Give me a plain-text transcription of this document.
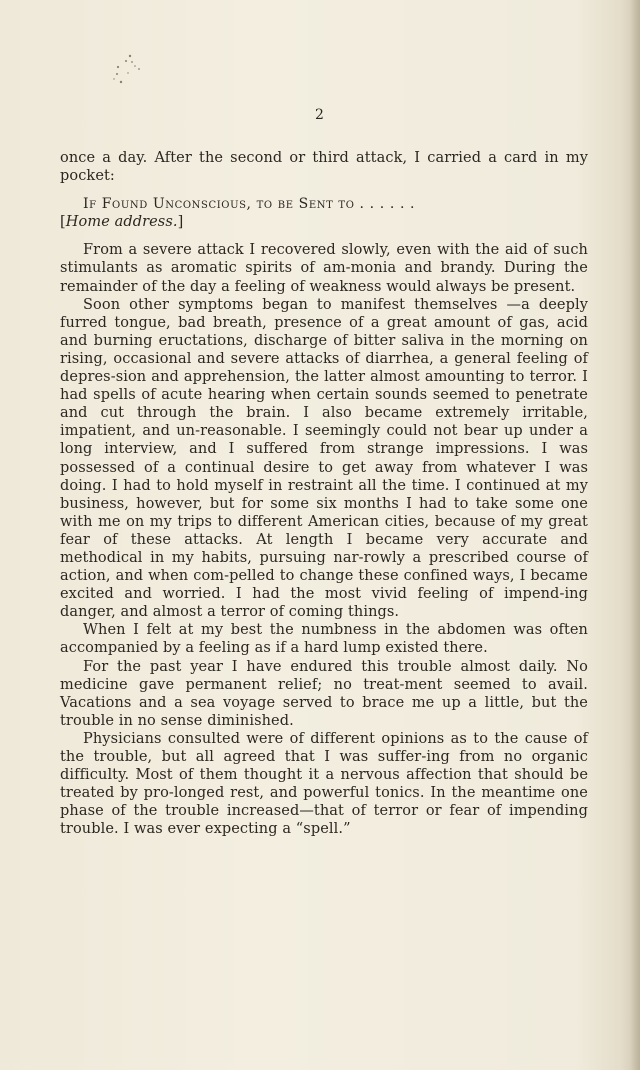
2

once a day. After the second or third attack, I carried a card in my pocket:

If Found Unconscious, to be Sent to . . . . . .

[Home address.]

From a severe attack I recovered slowly, even with the aid of such stimulants as aromatic spirits of am-monia and brandy. During the remainder of the day a feeling of weakness would always be present.

Soon other symptoms began to manifest themselves —a deeply furred tongue, bad breath, presence of a great amount of gas, acid and burning eructations, discharge of bitter saliva in the morning on rising, occasional and severe attacks of diarrhea, a general feeling of depres-sion and apprehension, the latter almost amounting to terror. I had spells of acute hearing when certain sounds seemed to penetrate and cut through the brain. I also became extremely irritable, impatient, and un-reasonable. I seemingly could not bear up under a long interview, and I suffered from strange impressions. I was possessed of a continual desire to get away from whatever I was doing. I had to hold myself in restraint all the time. I continued at my business, however, but for some six months I had to take some one with me on my trips to different American cities, because of my great fear of these attacks. At length I became very accurate and methodical in my habits, pursuing nar-rowly a prescribed course of action, and when com-pelled to change these confined ways, I became excited and worried. I had the most vivid feeling of impend-ing danger, and almost a terror of coming things.

When I felt at my best the numbness in the abdomen was often accompanied by a feeling as if a hard lump existed there.

For the past year I have endured this trouble almost daily. No medicine gave permanent relief; no treat-ment seemed to avail. Vacations and a sea voyage served to brace me up a little, but the trouble in no sense diminished.

Physicians consulted were of different opinions as to the cause of the trouble, but all agreed that I was suffer-ing from no organic difficulty. Most of them thought it a nervous affection that should be treated by pro-longed rest, and powerful tonics. In the meantime one phase of the trouble increased—that of terror or fear of impending trouble. I was ever expecting a “spell.”
